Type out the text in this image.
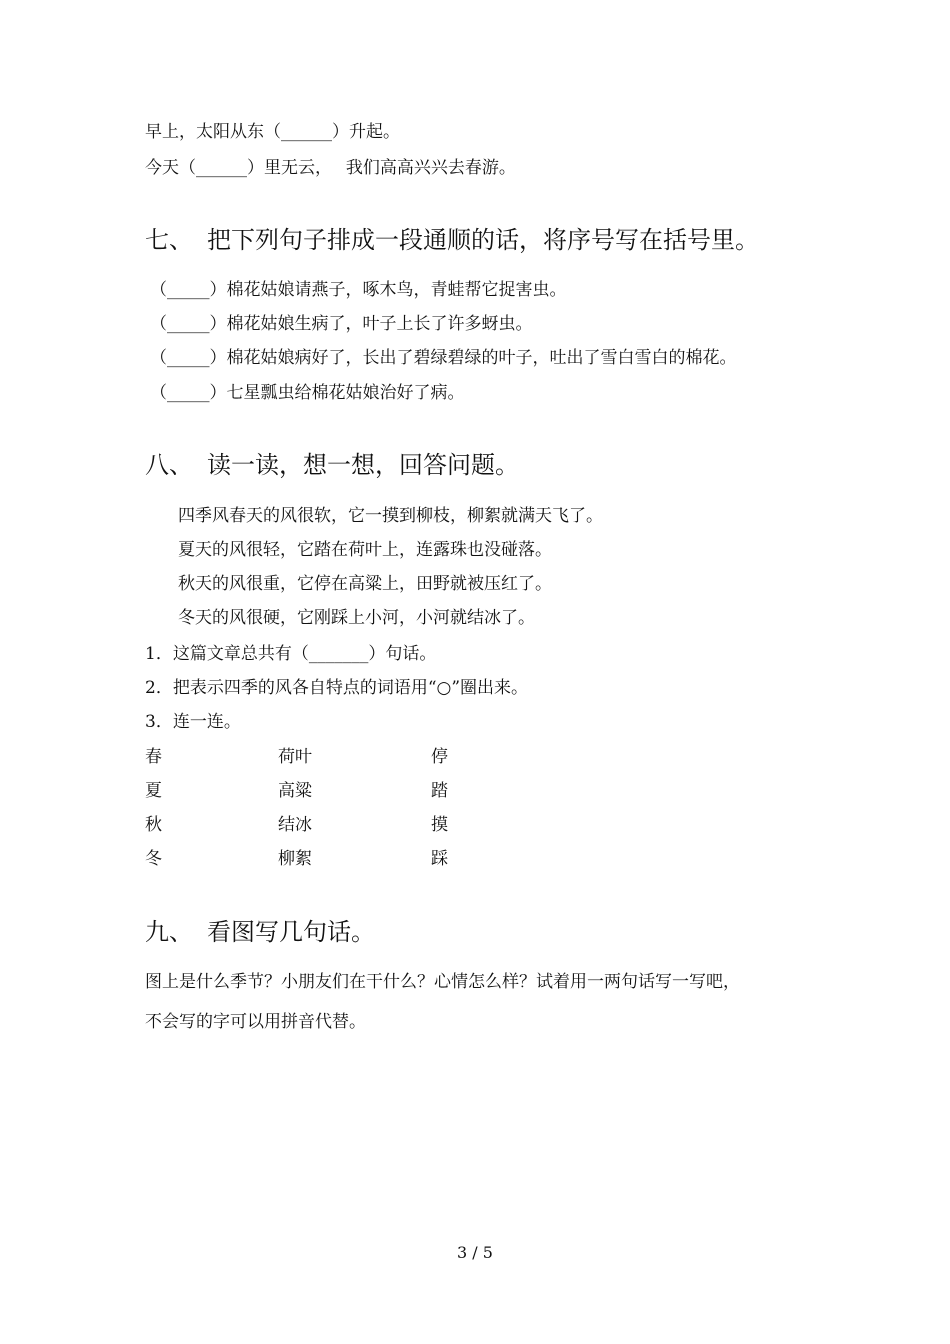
早上，太阳从东（______）升起。
今天（______）里无云，　 我们高高兴兴去春游。
七、 把下列句子排成一段通顺的话，将序号写在括号里。
（_____）棉花姑娘请燕子，啄木鸟，青蛙帮它捉害虫。
（_____）棉花姑娘生病了，叶子上长了许多蚜虫。
（_____）棉花姑娘病好了，长出了碧绿碧绿的叶子，吐出了雪白雪白的棉花。
（_____）七星瓢虫给棉花姑娘治好了病。
八、 读一读，想一想，回答问题。
四季风春天的风很软，它一摸到柳枝，柳絮就满天飞了。
夏天的风很轻，它踏在荷叶上，连露珠也没碰落。
秋天的风很重，它停在高粱上，田野就被压红了。
冬天的风很硬，它刚踩上小河，小河就结冰了。
1．这篇文章总共有（_______）句话。
2．把表示四季的风各自特点的词语用“○”圈出来。
3．连一连。
春	荷叶	停
夏	高粱	踏
秋	结冰	摸
冬	柳絮	踩
九、 看图写几句话。
图上是什么季节？小朋友们在干什么？心情怎么样？试着用一两句话写一写吧，
不会写的字可以用拼音代替。
3 / 5
